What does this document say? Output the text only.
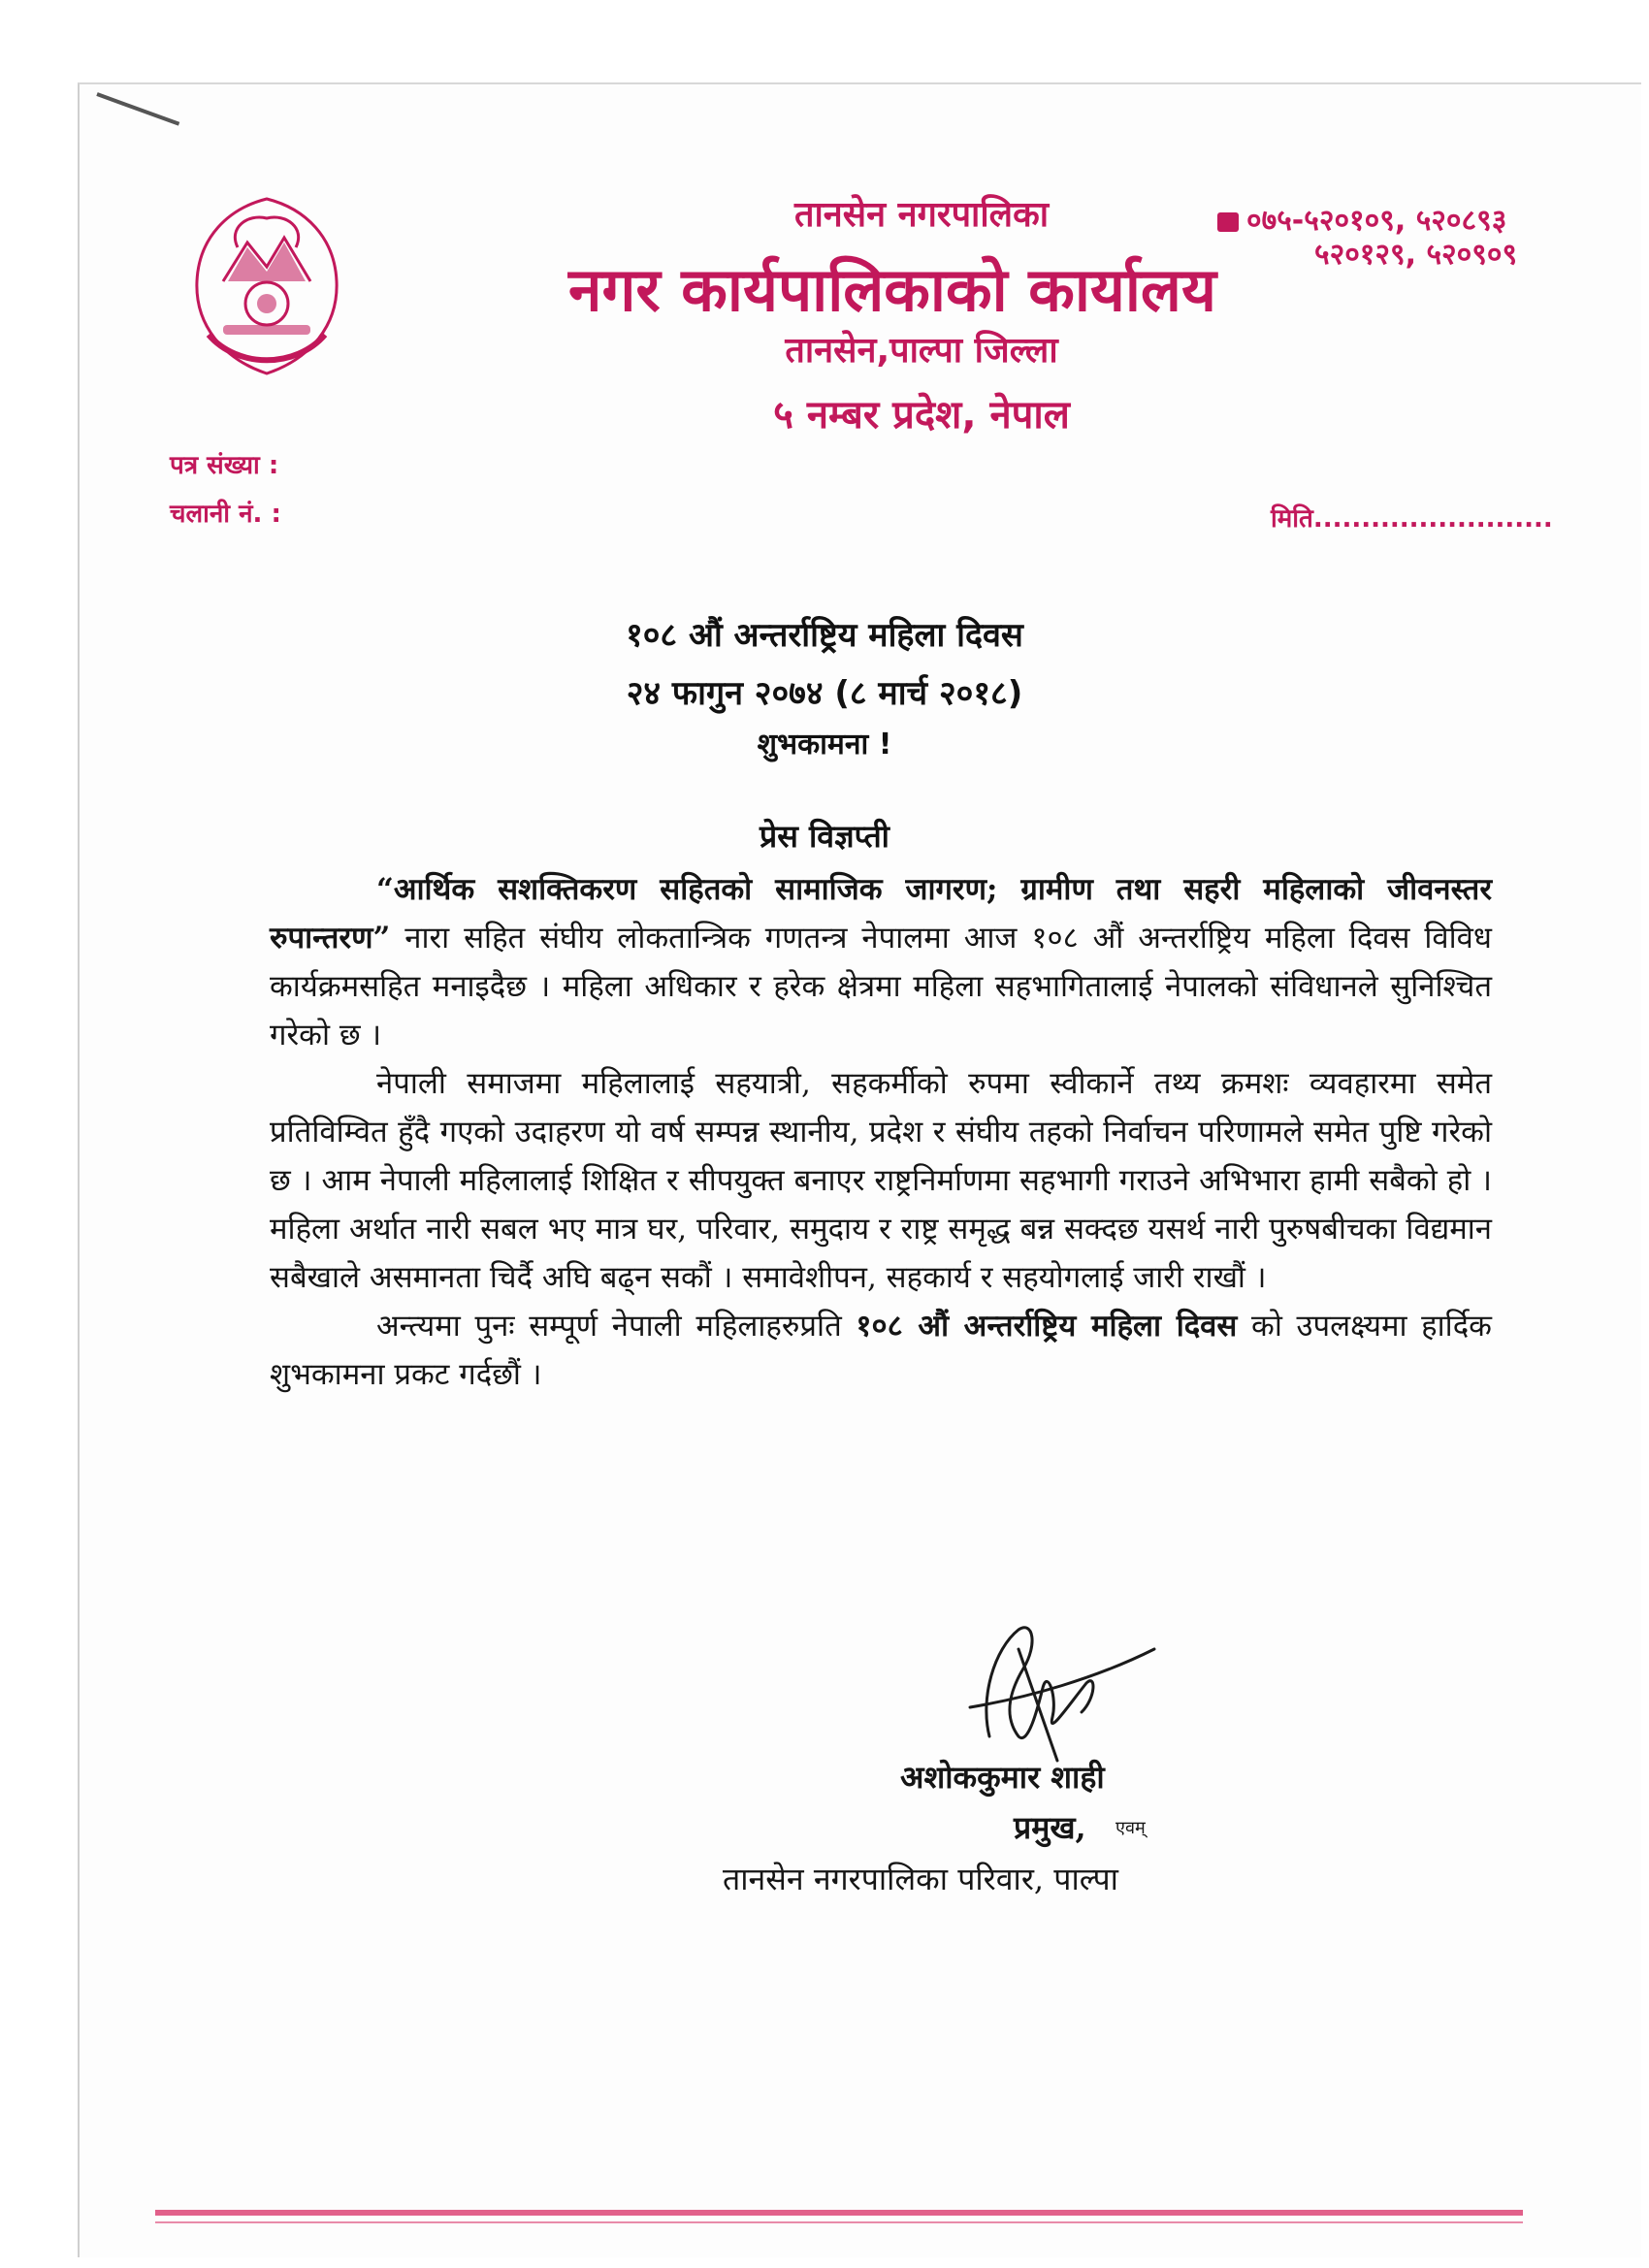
तानसेन नगरपालिका
नगर कार्यपालिकाको कार्यालय
तानसेन,पाल्पा जिल्ला
५ नम्बर प्रदेश, नेपाल
०७५-५२०१०९, ५२०८९३
५२०१२९, ५२०९०९
पत्र संख्या :
चलानी नं. :	मिति.........................
१०८ औं अन्तर्राष्ट्रिय महिला दिवस
२४ फागुन २०७४ (८ मार्च २०१८)
शुभकामना !
प्रेस विज्ञप्ती

“आर्थिक सशक्तिकरण सहितको सामाजिक जागरण; ग्रामीण तथा सहरी महिलाको जीवनस्तर रुपान्तरण” नारा सहित संघीय लोकतान्त्रिक गणतन्त्र नेपालमा आज १०८ औं अन्तर्राष्ट्रिय महिला दिवस विविध कार्यक्रमसहित मनाइदैछ । महिला अधिकार र हरेक क्षेत्रमा महिला सहभागितालाई नेपालको संविधानले सुनिश्चित गरेको छ ।

नेपाली समाजमा महिलालाई सहयात्री, सहकर्मीको रुपमा स्वीकार्ने तथ्य क्रमशः व्यवहारमा समेत प्रतिविम्वित हुँदै गएको उदाहरण यो वर्ष सम्पन्न स्थानीय, प्रदेश र संघीय तहको निर्वाचन परिणामले समेत पुष्टि गरेको छ । आम नेपाली महिलालाई शिक्षित र सीपयुक्त बनाएर राष्ट्रनिर्माणमा सहभागी गराउने अभिभारा हामी सबैको हो । महिला अर्थात नारी सबल भए मात्र घर, परिवार, समुदाय र राष्ट्र समृद्ध बन्न सक्दछ यसर्थ नारी पुरुषबीचका विद्यमान सबैखाले असमानता चिर्दै अघि बढ्न सकौं । समावेशीपन, सहकार्य र सहयोगलाई जारी राखौं ।

अन्त्यमा पुनः सम्पूर्ण नेपाली महिलाहरुप्रति १०८ औं अन्तर्राष्ट्रिय महिला दिवस को उपलक्ष्यमा हार्दिक शुभकामना प्रकट गर्दछौं ।

अशोककुमार शाही
प्रमुख, एवम्
तानसेन नगरपालिका परिवार, पाल्पा
